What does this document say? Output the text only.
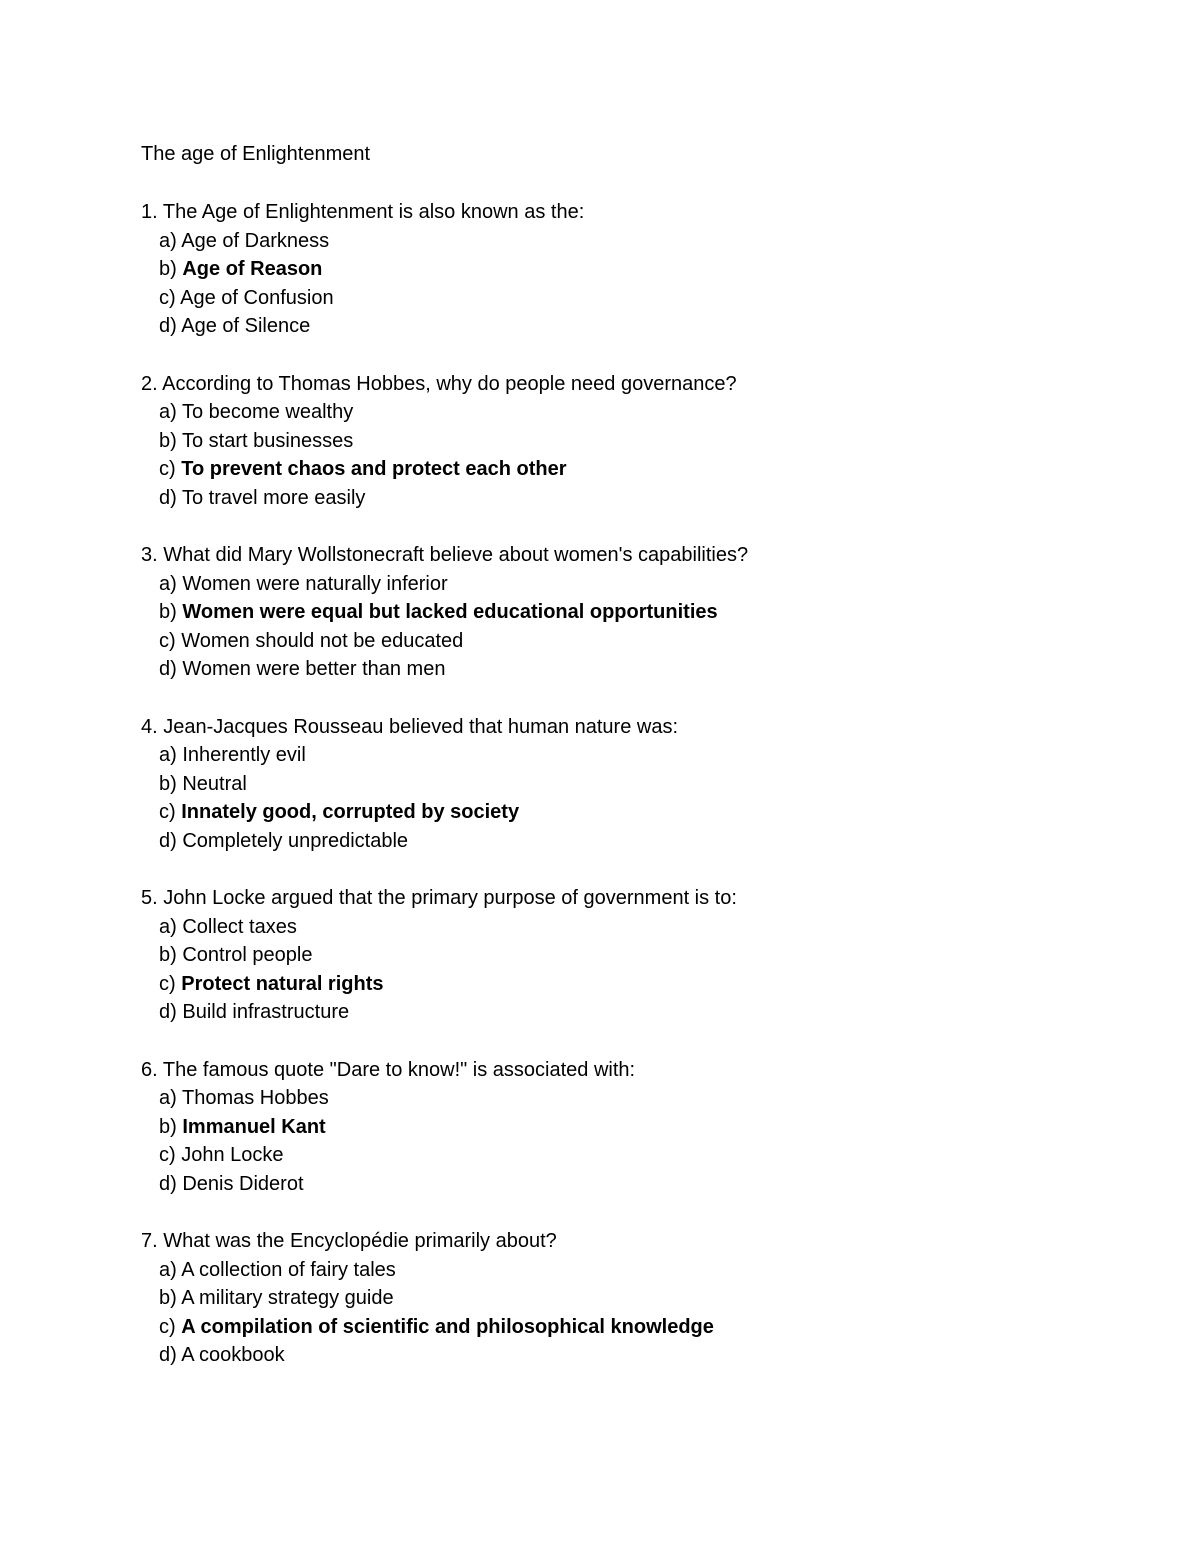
The age of Enlightenment
1. The Age of Enlightenment is also known as the:
a) Age of Darkness
b) Age of Reason
c) Age of Confusion
d) Age of Silence
2. According to Thomas Hobbes, why do people need governance?
a) To become wealthy
b) To start businesses
c) To prevent chaos and protect each other
d) To travel more easily
3. What did Mary Wollstonecraft believe about women's capabilities?
a) Women were naturally inferior
b) Women were equal but lacked educational opportunities
c) Women should not be educated
d) Women were better than men
4. Jean-Jacques Rousseau believed that human nature was:
a) Inherently evil
b) Neutral
c) Innately good, corrupted by society
d) Completely unpredictable
5. John Locke argued that the primary purpose of government is to:
a) Collect taxes
b) Control people
c) Protect natural rights
d) Build infrastructure
6. The famous quote "Dare to know!" is associated with:
a) Thomas Hobbes
b) Immanuel Kant
c) John Locke
d) Denis Diderot
7. What was the Encyclopédie primarily about?
a) A collection of fairy tales
b) A military strategy guide
c) A compilation of scientific and philosophical knowledge
d) A cookbook
